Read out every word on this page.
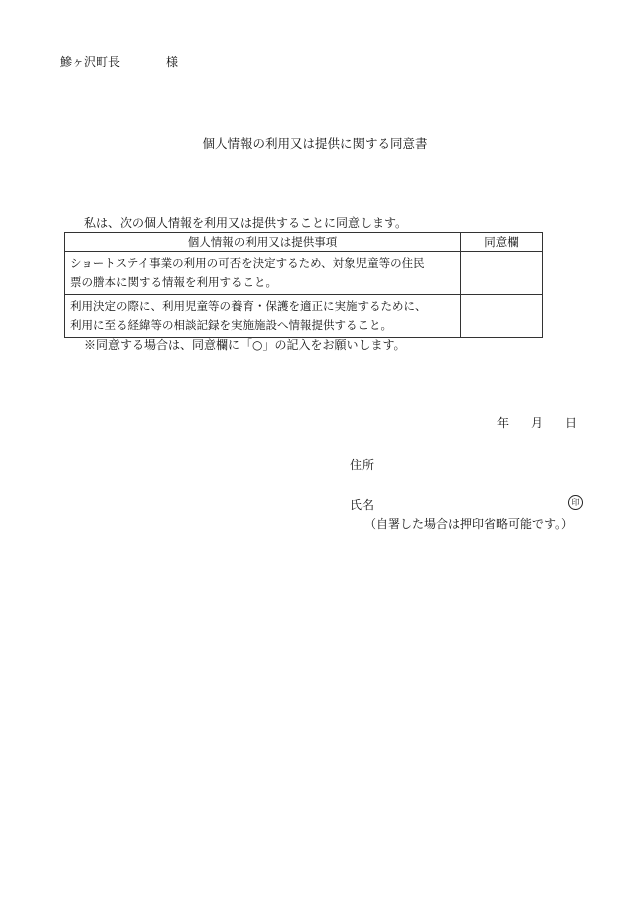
鰺ヶ沢町長	様
個人情報の利用又は提供に関する同意書
私は、次の個人情報を利用又は提供することに同意します。
個人情報の利用又は提供事項	同意欄

ショートステイ事業の利用の可否を決定するため、対象児童等の住民
票の謄本に関する情報を利用すること。	

利用決定の際に、利用児童等の養育・保護を適正に実施するために、
利用に至る経緯等の相談記録を実施施設へ情報提供すること。	

※同意する場合は、同意欄に「○」の記入をお願いします。
年 月 日
住所
氏名	印
（自署した場合は押印省略可能です。）
